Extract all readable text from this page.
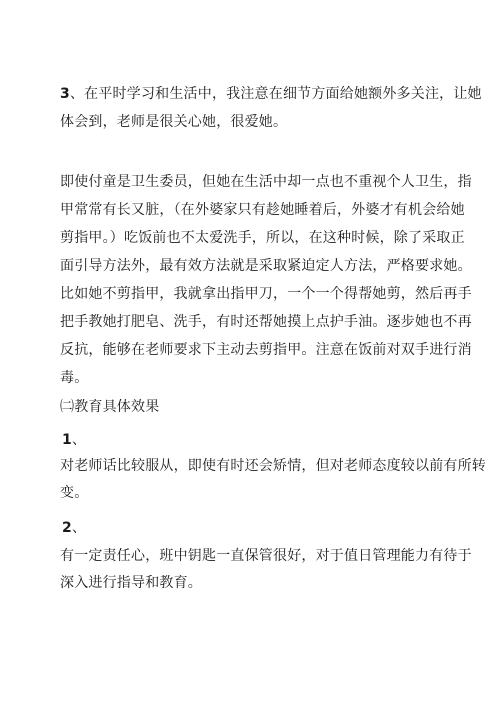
3、在平时学习和生活中，我注意在细节方面给她额外多关注，让她
体会到，老师是很关心她，很爱她。
即使付童是卫生委员，但她在生活中却一点也不重视个人卫生，指
甲常常有长又脏，（在外婆家只有趁她睡着后，外婆才有机会给她
剪指甲。）吃饭前也不太爱洗手，所以，在这种时候，除了采取正
面引导方法外，最有效方法就是采取紧迫定人方法，严格要求她。
比如她不剪指甲，我就拿出指甲刀，一个一个得帮她剪，然后再手
把手教她打肥皂、洗手，有时还帮她摸上点护手油。逐步她也不再
反抗，能够在老师要求下主动去剪指甲。注意在饭前对双手进行消
毒。
㈡教育具体效果
1、
对老师话比较服从，即使有时还会矫情，但对老师态度较以前有所转
变。
2、
有一定责任心，班中钥匙一直保管很好，对于值日管理能力有待于
深入进行指导和教育。
